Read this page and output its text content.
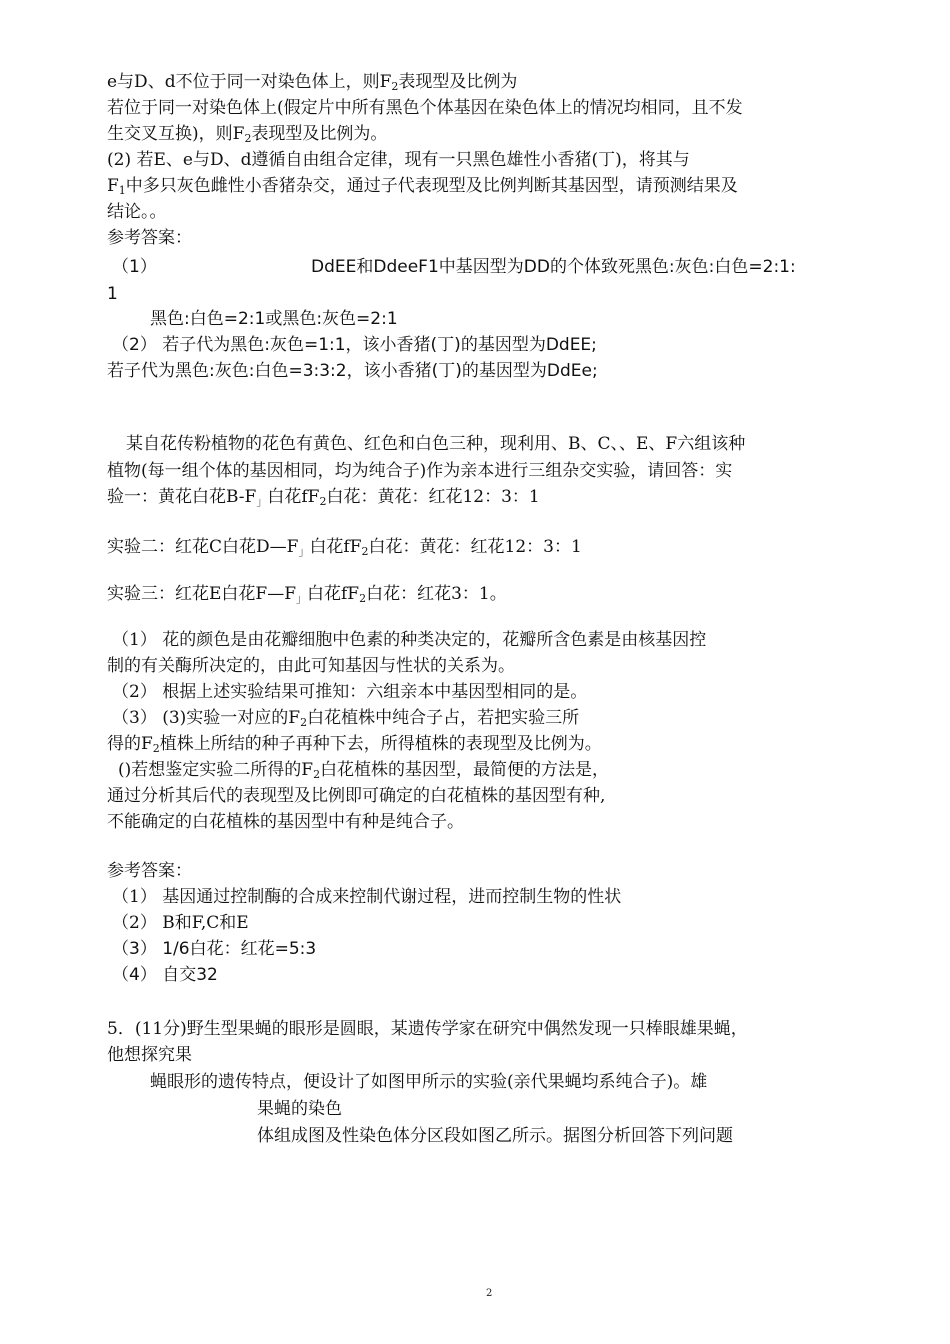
e与D、d不位于同一对染色体上，则$F_2$表现型及比例为
若位于同一对染色体上(假定片中所有黑色个体基因在染色体上的情况均相同，且不发
生交叉互换)，则$F_2$表现型及比例为。
(2) 若E、e与D、d遵循自由组合定律，现有一只黑色雄性小香猪(丁)，将其与
$F_1$中多只灰色雌性小香猪杂交，通过子代表现型及比例判断其基因型，请预测结果及
结论。。
参考答案：
（1）	DdEE和DdeeF1中基因型为DD的个体致死黑色:灰色:白色=2:1:
1
黑色:白色=2:1或黑色:灰色=2:1
（2） 若子代为黑色:灰色=1:1，该小香猪(丁)的基因型为DdEE;
若子代为黑色:灰色:白色=3:3:2，该小香猪(丁)的基因型为DdEe;
某自花传粉植物的花色有黄色、红色和白色三种，现利用、B、C、、E、F六组该种
植物(每一组个体的基因相同，均为纯合子)作为亲本进行三组杂交实验，请回答：实
验一：黄花白花$B-F_」$白花$fF_2$白花：黄花：红花12：3：1
实验二：红花C白花$D—F_」$白花$fF_2$白花：黄花：红花12：3：1
实验三：红花E白花$F—F_」$白花$fF_2$白花：红花3：1。
（1） 花的颜色是由花瓣细胞中色素的种类决定的，花瓣所含色素是由核基因控
制的有关酶所决定的，由此可知基因与性状的关系为。
（2） 根据上述实验结果可推知：六组亲本中基因型相同的是。
（3） (3)实验一对应的$F_2$白花植株中纯合子占，若把实验三所
得的$F_2$植株上所结的种子再种下去，所得植株的表现型及比例为。
()若想鉴定实验二所得的$F_2$白花植株的基因型，最简便的方法是，
通过分析其后代的表现型及比例即可确定的白花植株的基因型有种,
不能确定的白花植株的基因型中有种是纯合子。
参考答案：
（1） 基因通过控制酶的合成来控制代谢过程，进而控制生物的性状
（2） B和F,C和E
（3） 1/6白花：红花=5:3
（4） 自交32
5．(11分)野生型果蝇的眼形是圆眼，某遗传学家在研究中偶然发现一只棒眼雄果蝇，
他想探究果
蝇眼形的遗传特点，便设计了如图甲所示的实验(亲代果蝇均系纯合子)。雄
果蝇的染色
体组成图及性染色体分区段如图乙所示。据图分析回答下列问题
2
